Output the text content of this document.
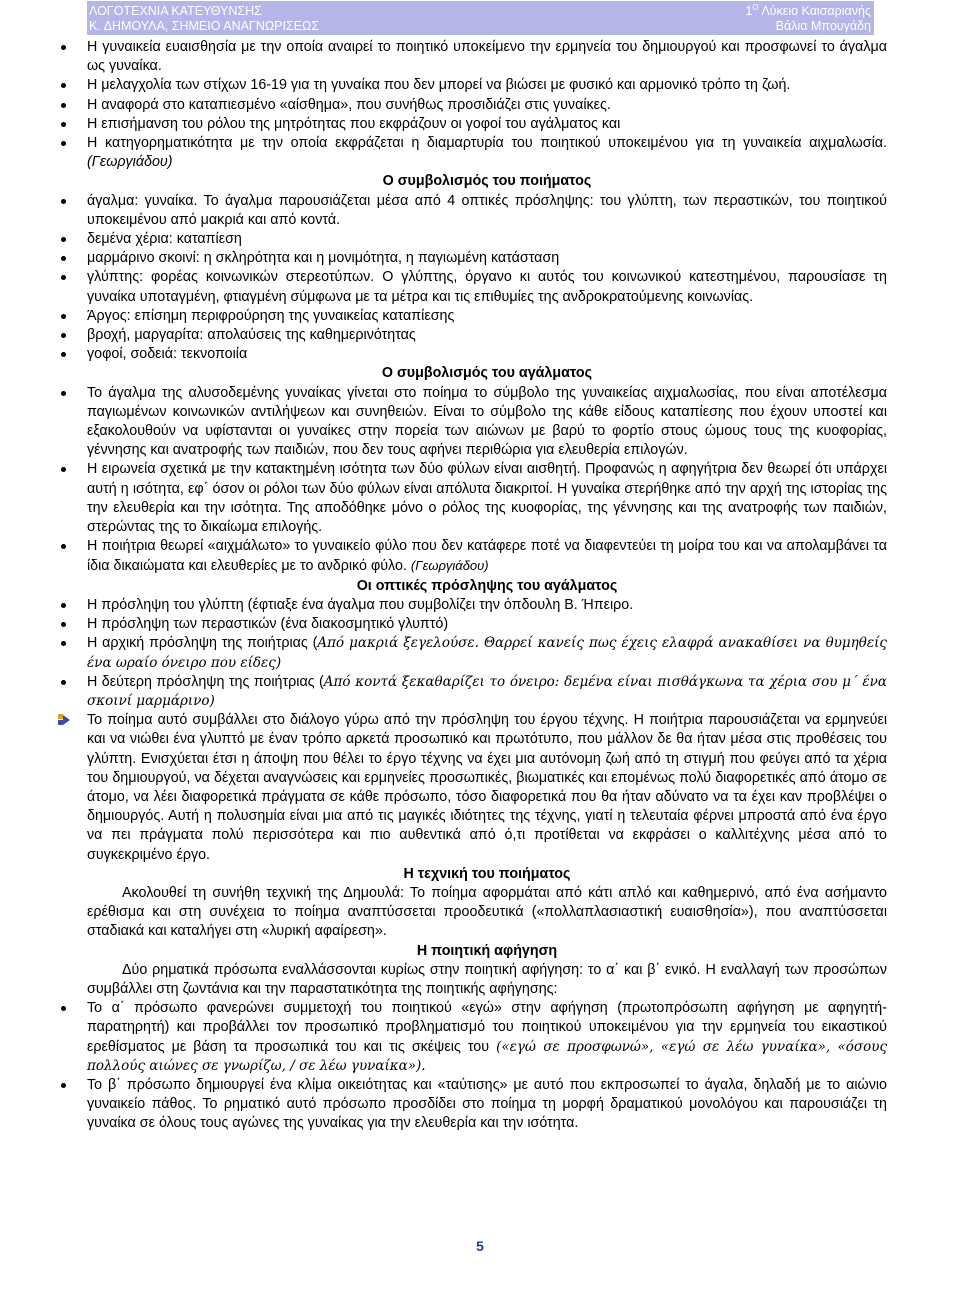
ΛΟΓΟΤΕΧΝΙΑ ΚΑΤΕΥΘΥΝΣΗΣ
Κ. ΔΗΜΟΥΛΑ, ΣΗΜΕΙΟ ΑΝΑΓΝΩΡΙΣΕΩΣ
$1^O$ Λύκειο Καισαριανής
Βάλια Μπουγάδη

Η γυναικεία ευαισθησία με την οποία αναιρεί το ποιητικό υποκείμενο την ερμηνεία του δημιουργού και προσφωνεί το άγαλμα ως γυναίκα.

Η μελαγχολία των στίχων 16-19 για τη γυναίκα που δεν μπορεί να βιώσει με φυσικό και αρμονικό τρόπο τη ζωή.

Η αναφορά στο καταπιεσμένο «αίσθημα», που συνήθως προσιδιάζει στις γυναίκες.

Η επισήμανση του ρόλου της μητρότητας που εκφράζουν οι γοφοί του αγάλματος και

Η κατηγορηματικότητα με την οποία εκφράζεται η διαμαρτυρία του ποιητικού υποκειμένου για τη γυναικεία αιχμαλωσία. (Γεωργιάδου)

Ο συμβολισμός του ποιήματος

άγαλμα: γυναίκα. Το άγαλμα παρουσιάζεται μέσα από 4 οπτικές πρόσληψης: του γλύπτη, των περαστικών, του ποιητικού υποκειμένου από μακριά και από κοντά.

δεμένα χέρια: καταπίεση

μαρμάρινο σκοινί: η σκληρότητα και η μονιμότητα, η παγιωμένη κατάσταση

γλύπτης: φορέας κοινωνικών στερεοτύπων. Ο γλύπτης, όργανο κι αυτός του κοινωνικού κατεστημένου, παρουσίασε τη γυναίκα υποταγμένη, φτιαγμένη σύμφωνα με τα μέτρα και τις επιθυμίες της ανδροκρατούμενης κοινωνίας.

Άργος: επίσημη περιφρούρηση της γυναικείας καταπίεσης

βροχή, μαργαρίτα: απολαύσεις της καθημερινότητας

γοφοί, σοδειά: τεκνοποιία

Ο συμβολισμός του αγάλματος

Το άγαλμα της αλυσοδεμένης γυναίκας γίνεται στο ποίημα το σύμβολο της γυναικείας αιχμαλωσίας, που είναι αποτέλεσμα παγιωμένων κοινωνικών αντιλήψεων και συνηθειών. Είναι το σύμβολο της κάθε είδους καταπίεσης που έχουν υποστεί και εξακολουθούν να υφίστανται οι γυναίκες στην πορεία των αιώνων με βαρύ το φορτίο στους ώμους τους της κυοφορίας, γέννησης και ανατροφής των παιδιών, που δεν τους αφήνει περιθώρια για ελευθερία επιλογών.

Η ειρωνεία σχετικά με την κατακτημένη ισότητα των δύο φύλων είναι αισθητή. Προφανώς η αφηγήτρια δεν θεωρεί ότι υπάρχει αυτή η ισότητα, εφ΄ όσον οι ρόλοι των δύο φύλων είναι απόλυτα διακριτοί. Η γυναίκα στερήθηκε από την αρχή της ιστορίας της την ελευθερία και την ισότητα. Της αποδόθηκε μόνο ο ρόλος της κυοφορίας, της γέννησης και της ανατροφής των παιδιών, στερώντας της το δικαίωμα επιλογής.

Η ποιήτρια θεωρεί «αιχμάλωτο» το γυναικείο φύλο που δεν κατάφερε ποτέ να διαφεντεύει τη μοίρα του και να απολαμβάνει τα ίδια δικαιώματα και ελευθερίες με το ανδρικό φύλο. (Γεωργιάδου)

Οι οπτικές πρόσληψης του αγάλματος

Η πρόσληψη του γλύπτη (έφτιαξε ένα άγαλμα που συμβολίζει την όπδουλη Β. Ήπειρο.

Η πρόσληψη των περαστικών (ένα διακοσμητικό γλυπτό)

Η αρχική πρόσληψη της ποιήτριας (Από μακριά ξεγελούσε. Θαρρεί κανείς πως έχεις ελαφρά ανακαθίσει να θυμηθείς ένα ωραίο όνειρο που είδες)

Η δεύτερη πρόσληψη της ποιήτριας (Από κοντά ξεκαθαρίζει το όνειρο: δεμένα είναι πισθάγκωνα τα χέρια σου μ΄ ένα σκοινί μαρμάρινο)

Το ποίημα αυτό συμβάλλει στο διάλογο γύρω από την πρόσληψη του έργου τέχνης. Η ποιήτρια παρουσιάζεται να ερμηνεύει και να νιώθει ένα γλυπτό με έναν τρόπο αρκετά προσωπικό και πρωτότυπο, που μάλλον δε θα ήταν μέσα στις προθέσεις του γλύπτη. Ενισχύεται έτσι η άποψη που θέλει το έργο τέχνης να έχει μια αυτόνομη ζωή από τη στιγμή που φεύγει από τα χέρια του δημιουργού, να δέχεται αναγνώσεις και ερμηνείες προσωπικές, βιωματικές και επομένως πολύ διαφορετικές από άτομο σε άτομο, να λέει διαφορετικά πράγματα σε κάθε πρόσωπο, τόσο διαφορετικά που θα ήταν αδύνατο να τα έχει καν προβλέψει ο δημιουργός. Αυτή η πολυσημία είναι μια από τις μαγικές ιδιότητες της τέχνης, γιατί η τελευταία φέρνει μπροστά από ένα έργο να πει πράγματα πολύ περισσότερα και πιο αυθεντικά από ό,τι προτίθεται να εκφράσει ο καλλιτέχνης μέσα από το συγκεκριμένο έργο.

Η τεχνική του ποιήματος

Ακολουθεί τη συνήθη τεχνική της Δημουλά: Το ποίημα αφορμάται από κάτι απλό και καθημερινό, από ένα ασήμαντο ερέθισμα και στη συνέχεια το ποίημα αναπτύσσεται προοδευτικά («πολλαπλασιαστική ευαισθησία»), που αναπτύσσεται σταδιακά και καταλήγει στη «λυρική αφαίρεση».

Η ποιητική αφήγηση

Δύο ρηματικά πρόσωπα εναλλάσσονται κυρίως στην ποιητική αφήγηση: το α΄ και β΄ ενικό. Η εναλλαγή των προσώπων συμβάλλει στη ζωντάνια και την παραστατικότητα της ποιητικής αφήγησης:

Το α΄ πρόσωπο φανερώνει συμμετοχή του ποιητικού «εγώ» στην αφήγηση (πρωτοπρόσωπη αφήγηση με αφηγητή-παρατηρητή) και προβάλλει τον προσωπικό προβληματισμό του ποιητικού υποκειμένου για την ερμηνεία του εικαστικού ερεθίσματος με βάση τα προσωπικά του και τις σκέψεις του («εγώ σε προσφωνώ», «εγώ σε λέω γυναίκα», «όσους πολλούς αιώνες σε γνωρίζω, / σε λέω γυναίκα»).

Το β΄ πρόσωπο δημιουργεί ένα κλίμα οικειότητας και «ταύτισης» με αυτό που εκπροσωπεί το άγαλα, δηλαδή με το αιώνιο γυναικείο πάθος. Το ρηματικό αυτό πρόσωπο προσδίδει στο ποίημα τη μορφή δραματικού μονολόγου και παρουσιάζει τη γυναίκα σε όλους τους αγώνες της γυναίκας για την ελευθερία και την ισότητα.

5
